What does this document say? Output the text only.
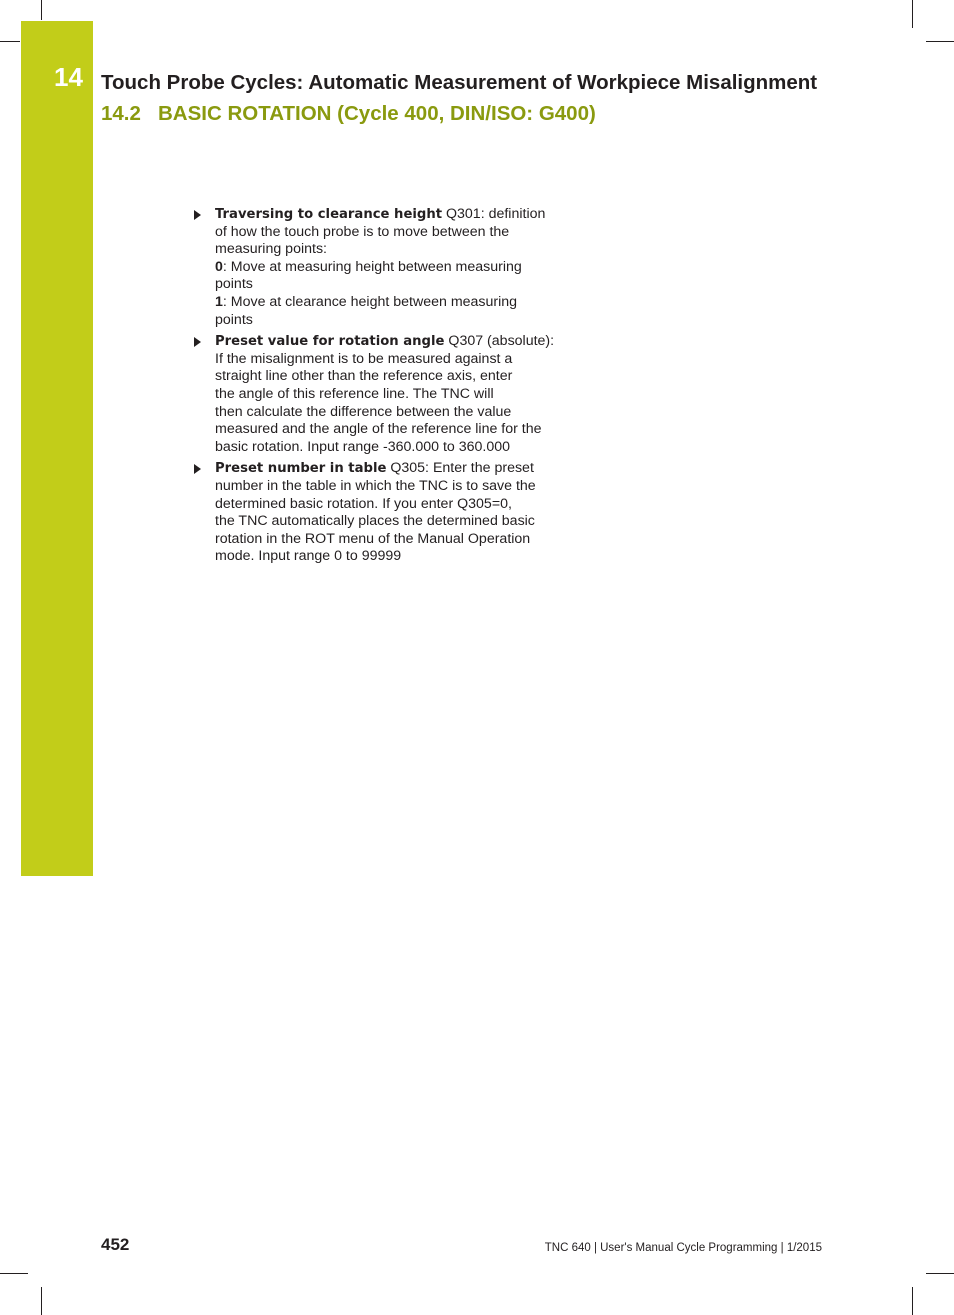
14 Touch Probe Cycles: Automatic Measurement of Workpiece Misalignment
14.2 BASIC ROTATION (Cycle 400, DIN/ISO: G400)
Traversing to clearance height Q301: definition
of how the touch probe is to move between the
measuring points:
0: Move at measuring height between measuring
points
1: Move at clearance height between measuring
points
Preset value for rotation angle Q307 (absolute):
If the misalignment is to be measured against a
straight line other than the reference axis, enter
the angle of this reference line. The TNC will
then calculate the difference between the value
measured and the angle of the reference line for the
basic rotation. Input range -360.000 to 360.000
Preset number in table Q305: Enter the preset
number in the table in which the TNC is to save the
determined basic rotation. If you enter Q305=0,
the TNC automatically places the determined basic
rotation in the ROT menu of the Manual Operation
mode. Input range 0 to 99999
452	TNC 640 | User's Manual Cycle Programming | 1/2015
